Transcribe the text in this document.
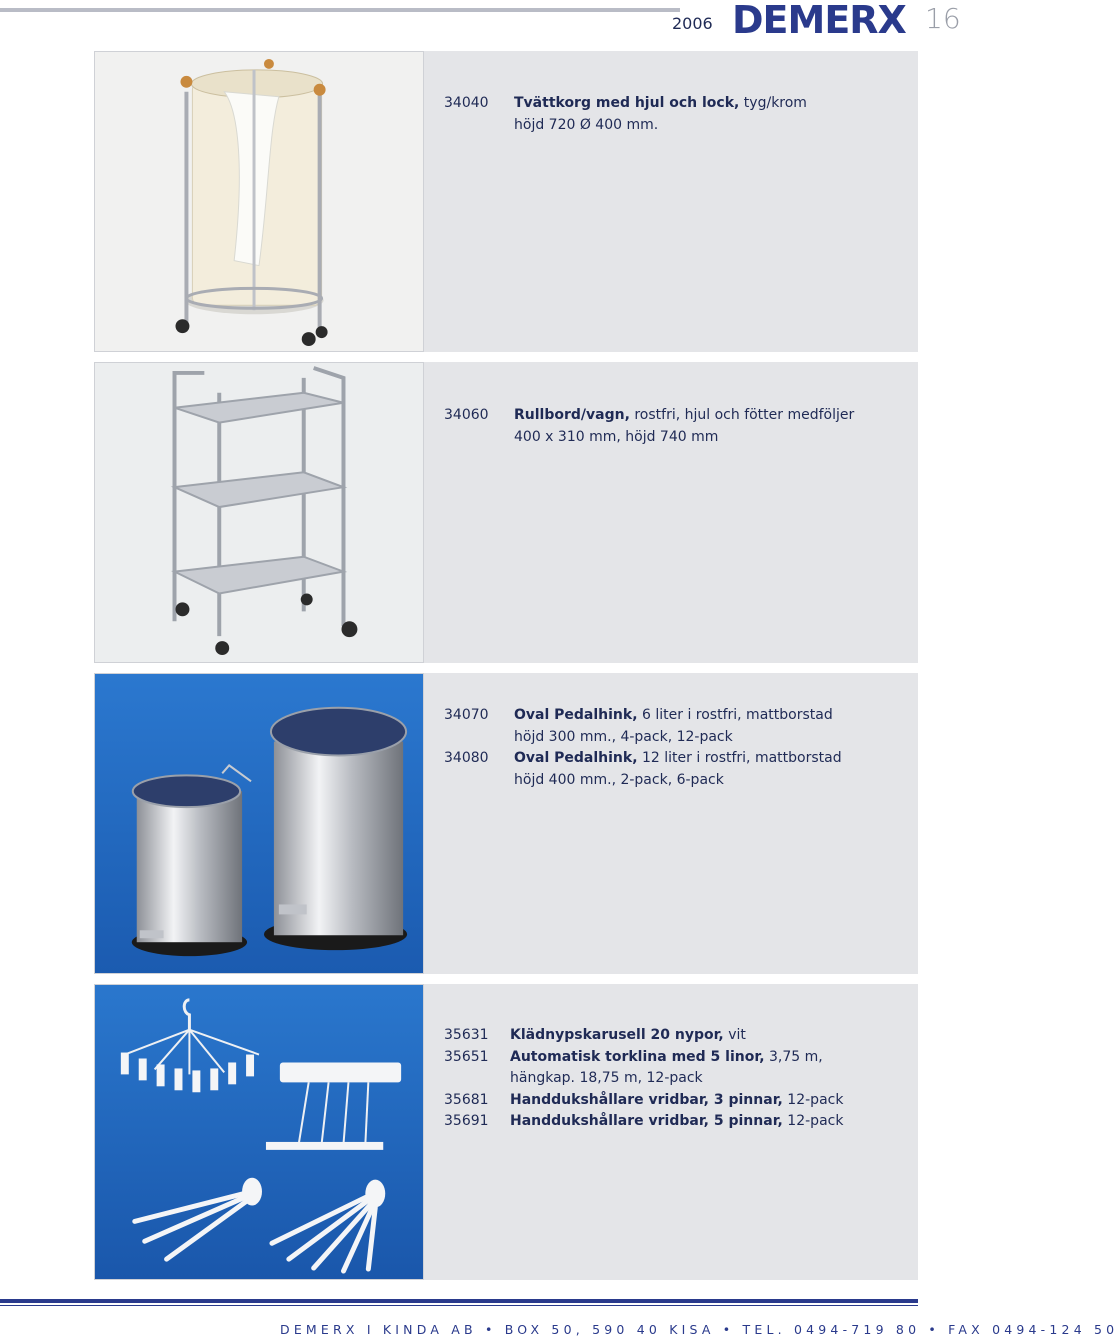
2006 DEMERX 16
34040	Tvättkorg med hjul och lock, tyg/krom
höjd 720 Ø 400 mm.
34060	Rullbord/vagn, rostfri, hjul och fötter medföljer
400 x 310 mm, höjd 740 mm
34070	Oval Pedalhink, 6 liter i rostfri, mattborstad
höjd 300 mm., 4-pack, 12-pack
34080	Oval Pedalhink, 12 liter i rostfri, mattborstad
höjd 400 mm., 2-pack, 6-pack
35631	Klädnypskarusell 20 nypor, vit
35651	Automatisk torklina med 5 linor, 3,75 m,
hängkap. 18,75 m, 12-pack
35681	Handdukshållare vridbar, 3 pinnar, 12-pack
35691	Handdukshållare vridbar, 5 pinnar, 12-pack
DEMERX I KINDA AB • BOX 50, 590 40 KISA • TEL. 0494-719 80 • FAX 0494-124 50
